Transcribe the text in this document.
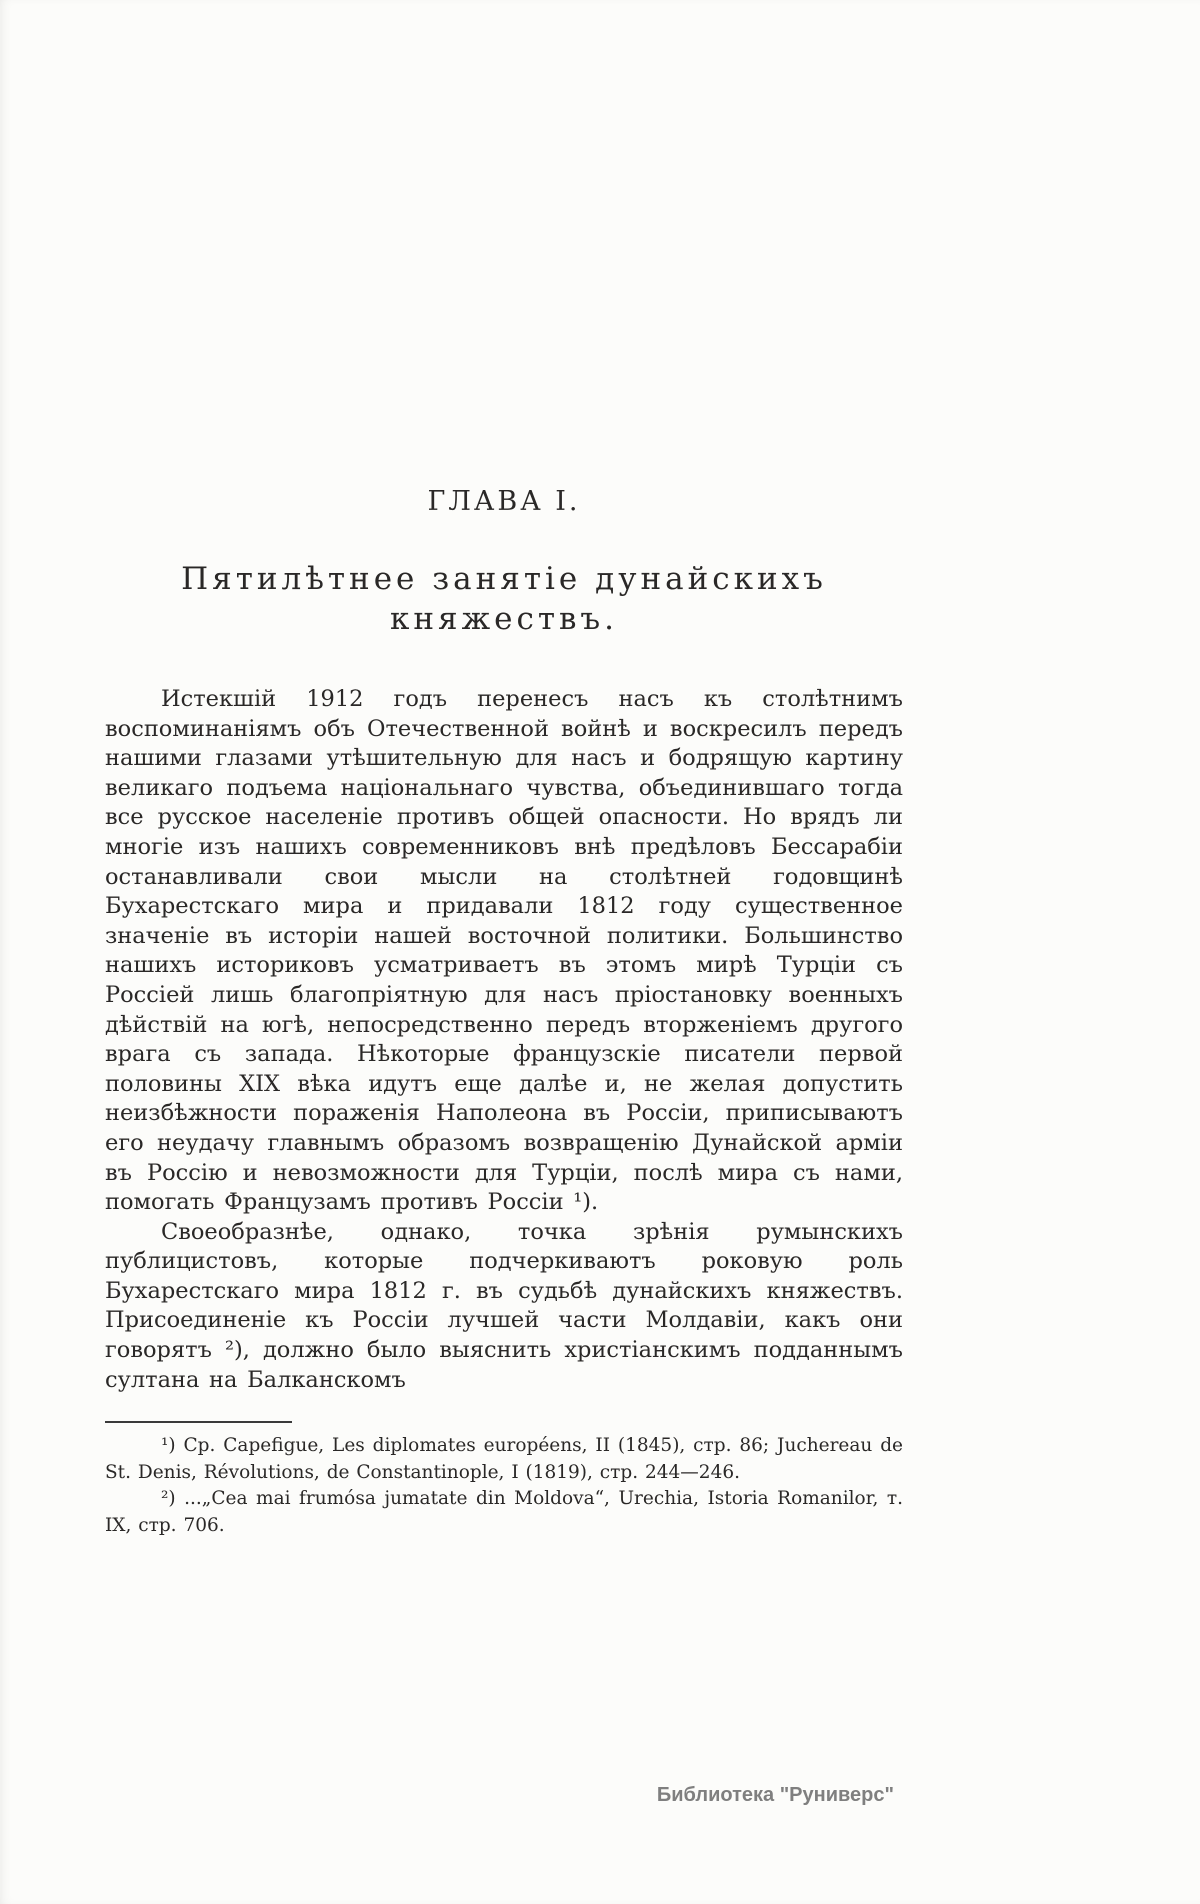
ГЛАВА I.
Пятилѣтнее занятіе дунайскихъ княжествъ.

Истекшій 1912 годъ перенесъ насъ къ столѣтнимъ воспоминаніямъ объ Отечественной войнѣ и воскресилъ передъ нашими глазами утѣшительную для насъ и бодрящую картину великаго подъема національнаго чувства, объединившаго тогда все русское населеніе противъ общей опасности. Но врядъ ли многіе изъ нашихъ современниковъ внѣ предѣловъ Бессарабіи останавливали свои мысли на столѣтней годовщинѣ Бухарестскаго мира и придавали 1812 году существенное значеніе въ исторіи нашей восточной политики. Большинство нашихъ историковъ усматриваетъ въ этомъ мирѣ Турціи съ Россіей лишь благопріятную для насъ пріостановку военныхъ дѣйствій на югѣ, непосредственно передъ вторженіемъ другого врага съ запада. Нѣкоторые французскіе писатели первой половины XIX вѣка идутъ еще далѣе и, не желая допустить неизбѣжности пораженія Наполеона въ Россіи, приписываютъ его неудачу главнымъ образомъ возвращенію Дунайской арміи въ Россію и невозможности для Турціи, послѣ мира съ нами, помогать Французамъ противъ Россіи ¹).

Своеобразнѣе, однако, точка зрѣнія румынскихъ публицистовъ, которые подчеркиваютъ роковую роль Бухарестскаго мира 1812 г. въ судьбѣ дунайскихъ княжествъ. Присоединеніе къ Россіи лучшей части Молдавіи, какъ они говорятъ ²), должно было выяснить христіанскимъ подданнымъ султана на Балканскомъ

¹) Ср. Capefigue, Les diplomates européens, II (1845), стр. 86; Juchereau de St. Denis, Révolutions, de Constantinople, I (1819), стр. 244—246.

²) ...„Cea mai frumósa jumatate din Moldova“, Urechia, Istoria Romanilor, т. IX, стр. 706.

Библиотека "Руниверс"
